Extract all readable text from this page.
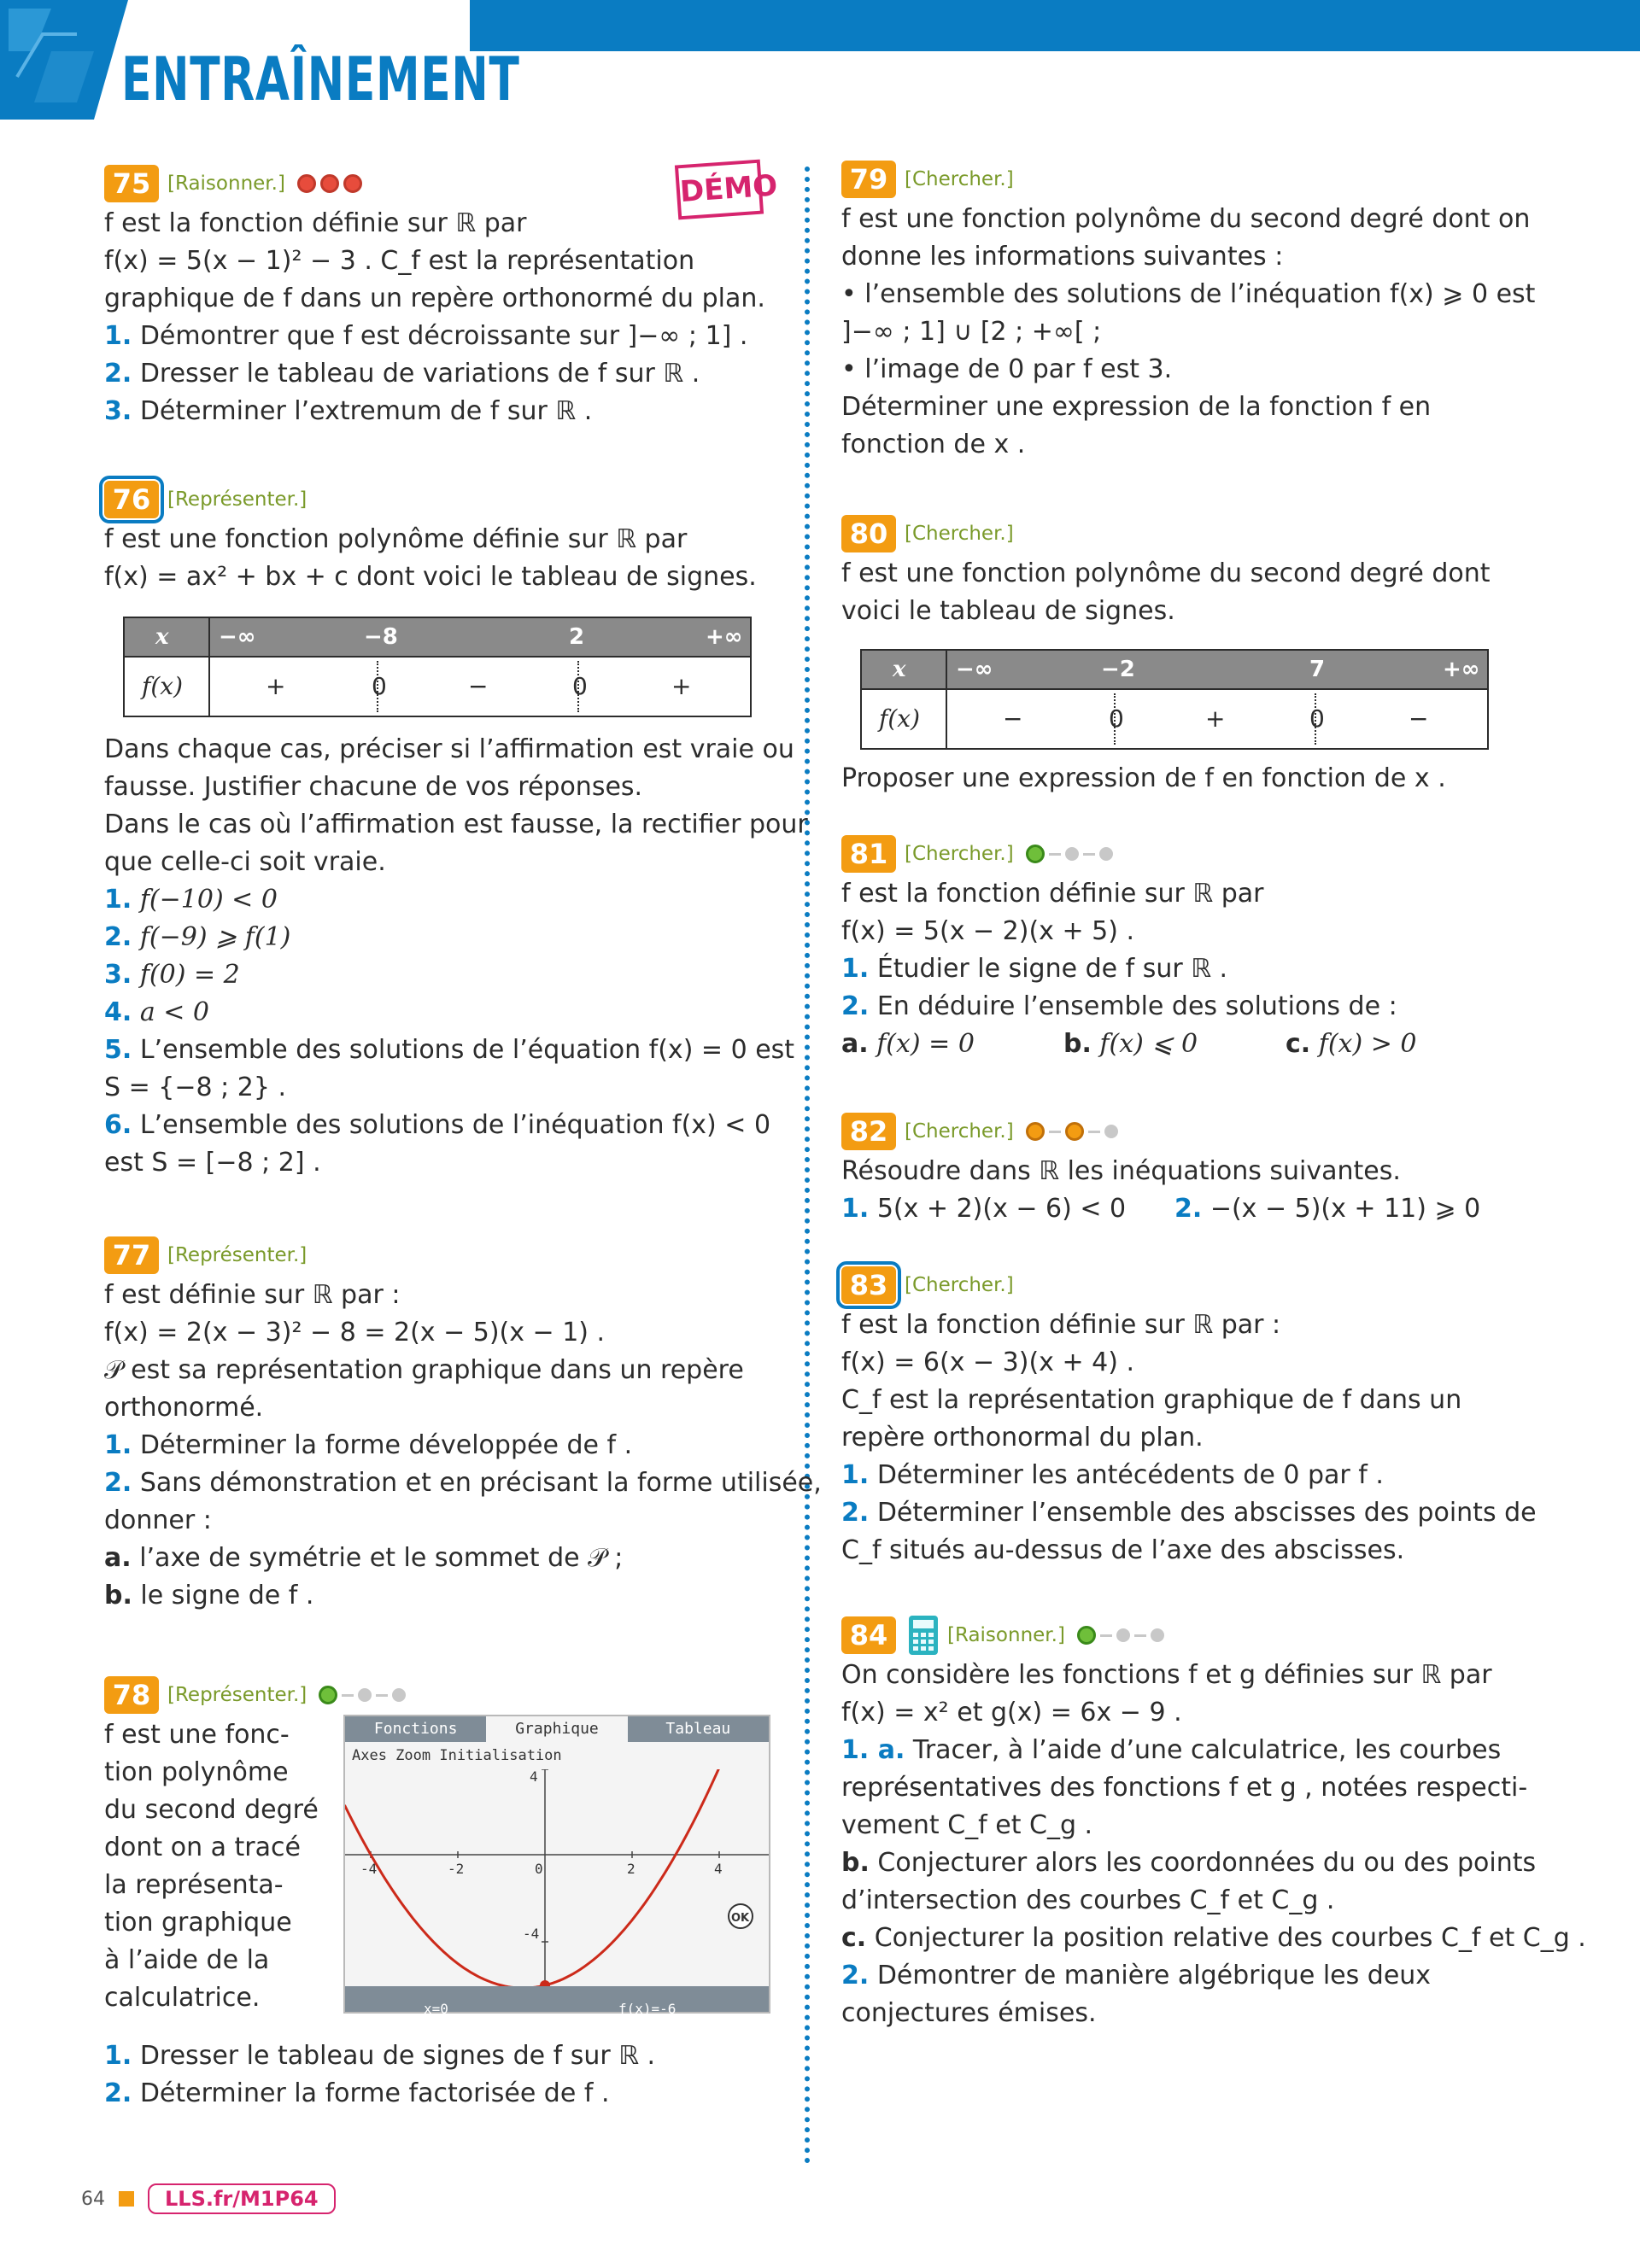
ENTRAÎNEMENT
75 [Raisonner.]	DÉMO
f est la fonction définie sur ℝ par
f(x) = 5(x − 1)² − 3 . C_f est la représentation
graphique de f dans un repère orthonormé du plan.
1. Démontrer que f est décroissante sur ]−∞ ; 1] .
2. Dresser le tableau de variations de f sur ℝ .
3. Déterminer l’extremum de f sur ℝ .
76 [Représenter.]
f est une fonction polynôme définie sur ℝ par
f(x) = ax² + bx + c dont voici le tableau de signes.
x −∞	−8	2	+∞
f(x)	+	0	−	0	+
Dans chaque cas, préciser si l’affirmation est vraie ou
fausse. Justifier chacune de vos réponses.
Dans le cas où l’affirmation est fausse, la rectifier pour
que celle-ci soit vraie.
1. f(−10) < 0
2. f(−9) ⩾ f(1)
3. f(0) = 2
4. a < 0
5. L’ensemble des solutions de l’équation f(x) = 0 est
S = {−8 ; 2} .
6. L’ensemble des solutions de l’inéquation f(x) < 0
est S = [−8 ; 2] .
77 [Représenter.]
f est définie sur ℝ par :
f(x) = 2(x − 3)² − 8 = 2(x − 5)(x − 1) .
𝒫 est sa représentation graphique dans un repère
orthonormé.
1. Déterminer la forme développée de f .
2. Sans démonstration et en précisant la forme utilisée,
donner :
a. l’axe de symétrie et le sommet de 𝒫 ;
b. le signe de f .
78 [Représenter.]
f est une fonc-
tion polynôme
du second degré
dont on a tracé
la représenta-
tion graphique
à l’aide de la
calculatrice.
Fonctions	Graphique	Tableau
Axes Zoom Initialisation
-4	-2	0	2	4
4
-4
OK
x=0	f(x)=-6
1. Dresser le tableau de signes de f sur ℝ .
2. Déterminer la forme factorisée de f .
79 [Chercher.]
f est une fonction polynôme du second degré dont on
donne les informations suivantes :
• l’ensemble des solutions de l’inéquation f(x) ⩾ 0 est
]−∞ ; 1] ∪ [2 ; +∞[ ;
• l’image de 0 par f est 3.
Déterminer une expression de la fonction f en
fonction de x .
80 [Chercher.]
f est une fonction polynôme du second degré dont
voici le tableau de signes.
x −∞	−2	7	+∞
f(x)	−	0	+	0	−
Proposer une expression de f en fonction de x .
81 [Chercher.]
f est la fonction définie sur ℝ par
f(x) = 5(x − 2)(x + 5) .
1. Étudier le signe de f sur ℝ .
2. En déduire l’ensemble des solutions de :
a. f(x) = 0	b. f(x) ⩽ 0	c. f(x) > 0
82 [Chercher.]
Résoudre dans ℝ les inéquations suivantes.
1. 5(x + 2)(x − 6) < 0 2. −(x − 5)(x + 11) ⩾ 0
83 [Chercher.]
f est la fonction définie sur ℝ par :
f(x) = 6(x − 3)(x + 4) .
C_f est la représentation graphique de f dans un
repère orthonormal du plan.
1. Déterminer les antécédents de 0 par f .
2. Déterminer l’ensemble des abscisses des points de
C_f situés au-dessus de l’axe des abscisses.
84	[Raisonner.]
On considère les fonctions f et g définies sur ℝ par
f(x) = x² et g(x) = 6x − 9 .
1. a. Tracer, à l’aide d’une calculatrice, les courbes
représentatives des fonctions f et g , notées respecti-
vement C_f et C_g .
b. Conjecturer alors les coordonnées du ou des points
d’intersection des courbes C_f et C_g .
c. Conjecturer la position relative des courbes C_f et C_g .
2. Démontrer de manière algébrique les deux
conjectures émises.
64	LLS.fr/M1P64
